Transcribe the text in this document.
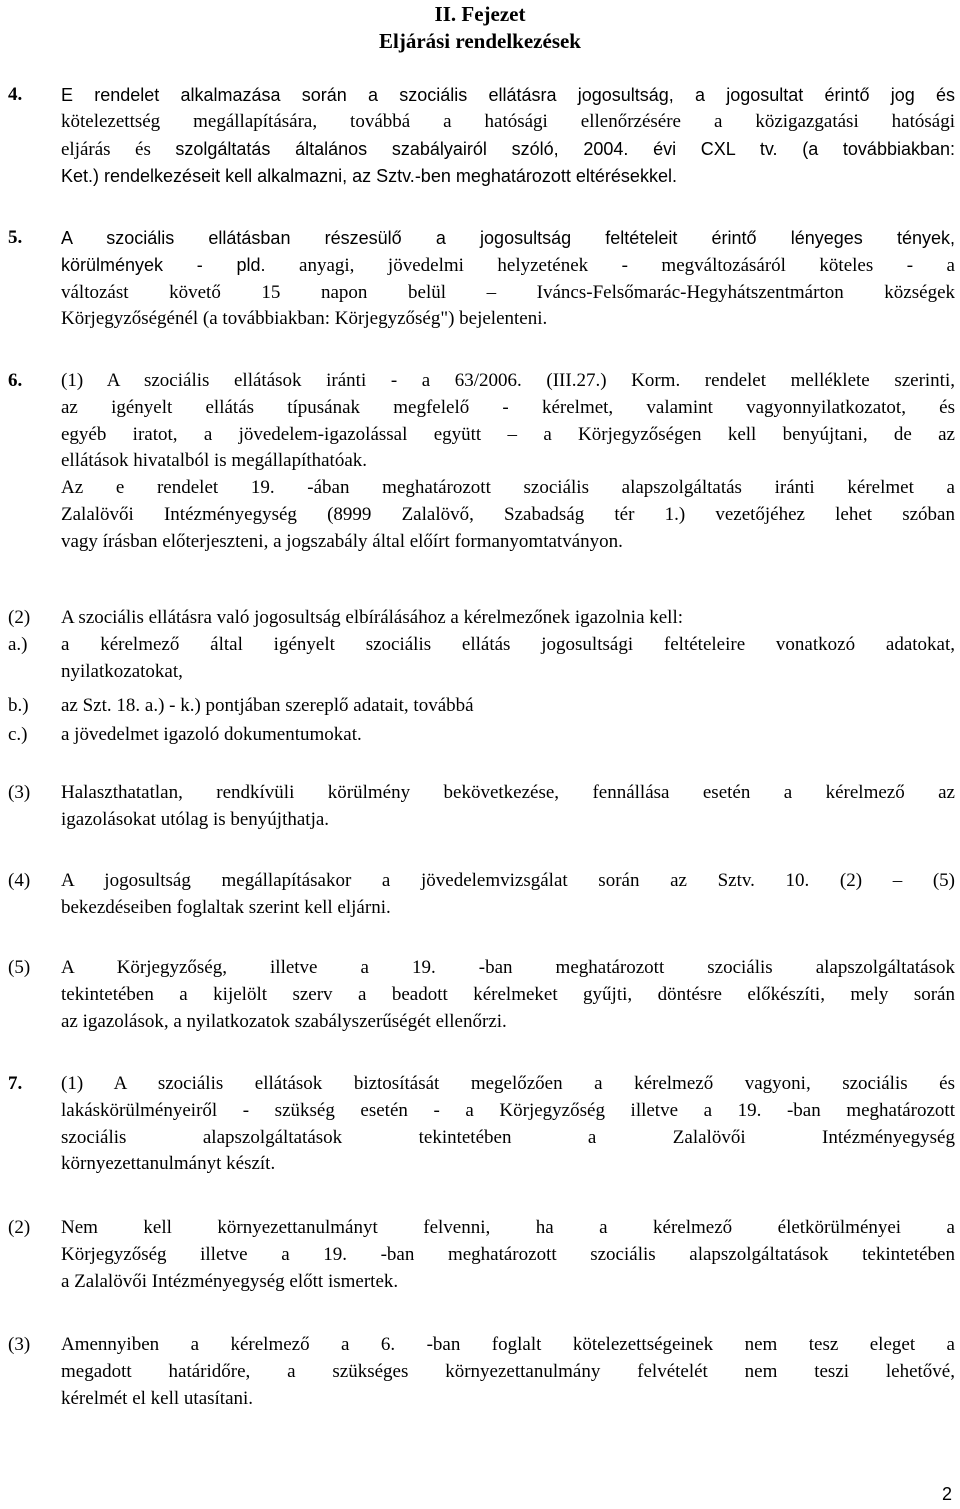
II. Fejezet
Eljárási rendelkezések
4. E rendelet alkalmazása során a szociális ellátásra jogosultság, a jogosultat érintő jog és
kötelezettség megállapítására, továbbá a hatósági ellenőrzésére a közigazgatási hatósági
eljárás és szolgáltatás általános szabályairól szóló, 2004. évi CXL tv. (a továbbiakban:
Ket.) rendelkezéseit kell alkalmazni, az Sztv.-ben meghatározott eltérésekkel.
5. A szociális ellátásban részesülő a jogosultság feltételeit érintő lényeges tények,
körülmények - pld. anyagi, jövedelmi helyzetének - megváltozásáról köteles - a
változást követő 15 napon belül – Iváncs-Felsőmarác-Hegyhátszentmárton községek
Körjegyzőségénél (a továbbiakban: Körjegyzőség") bejelenteni.
6. (1) A szociális ellátások iránti - a 63/2006. (III.27.) Korm. rendelet melléklete szerinti,
az igényelt ellátás típusának megfelelő - kérelmet, valamint vagyonnyilatkozatot, és
egyéb iratot, a jövedelem-igazolással együtt – a Körjegyzőségen kell benyújtani, de az
ellátások hivatalból is megállapíthatóak.
Az e rendelet 19. -ában meghatározott szociális alapszolgáltatás iránti kérelmet a
Zalalövői Intézményegység (8999 Zalalövő, Szabadság tér 1.) vezetőjéhez lehet szóban
vagy írásban előterjeszteni, a jogszabály által előírt formanyomtatványon.
(2) A szociális ellátásra való jogosultság elbírálásához a kérelmezőnek igazolnia kell:
a.) a kérelmező által igényelt szociális ellátás jogosultsági feltételeire vonatkozó adatokat,
nyilatkozatokat,
b.) az Szt. 18. a.) - k.) pontjában szereplő adatait, továbbá
c.) a jövedelmet igazoló dokumentumokat.
(3) Halaszthatatlan, rendkívüli körülmény bekövetkezése, fennállása esetén a kérelmező az
igazolásokat utólag is benyújthatja.
(4) A jogosultság megállapításakor a jövedelemvizsgálat során az Sztv. 10. (2) – (5)
bekezdéseiben foglaltak szerint kell eljárni.
(5) A Körjegyzőség, illetve a 19. -ban meghatározott szociális alapszolgáltatások
tekintetében a kijelölt szerv a beadott kérelmeket gyűjti, döntésre előkészíti, mely során
az igazolások, a nyilatkozatok szabályszerűségét ellenőrzi.
7. (1) A szociális ellátások biztosítását megelőzően a kérelmező vagyoni, szociális és
lakáskörülményeiről - szükség esetén - a Körjegyzőség illetve a 19. -ban meghatározott
szociális alapszolgáltatások tekintetében a Zalalövői Intézményegység
környezettanulmányt készít.
(2) Nem kell környezettanulmányt felvenni, ha a kérelmező életkörülményei a
Körjegyzőség illetve a 19. -ban meghatározott szociális alapszolgáltatások tekintetében
a Zalalövői Intézményegység előtt ismertek.
(3) Amennyiben a kérelmező a 6. -ban foglalt kötelezettségeinek nem tesz eleget a
megadott határidőre, a szükséges környezettanulmány felvételét nem teszi lehetővé,
kérelmét el kell utasítani.
2
